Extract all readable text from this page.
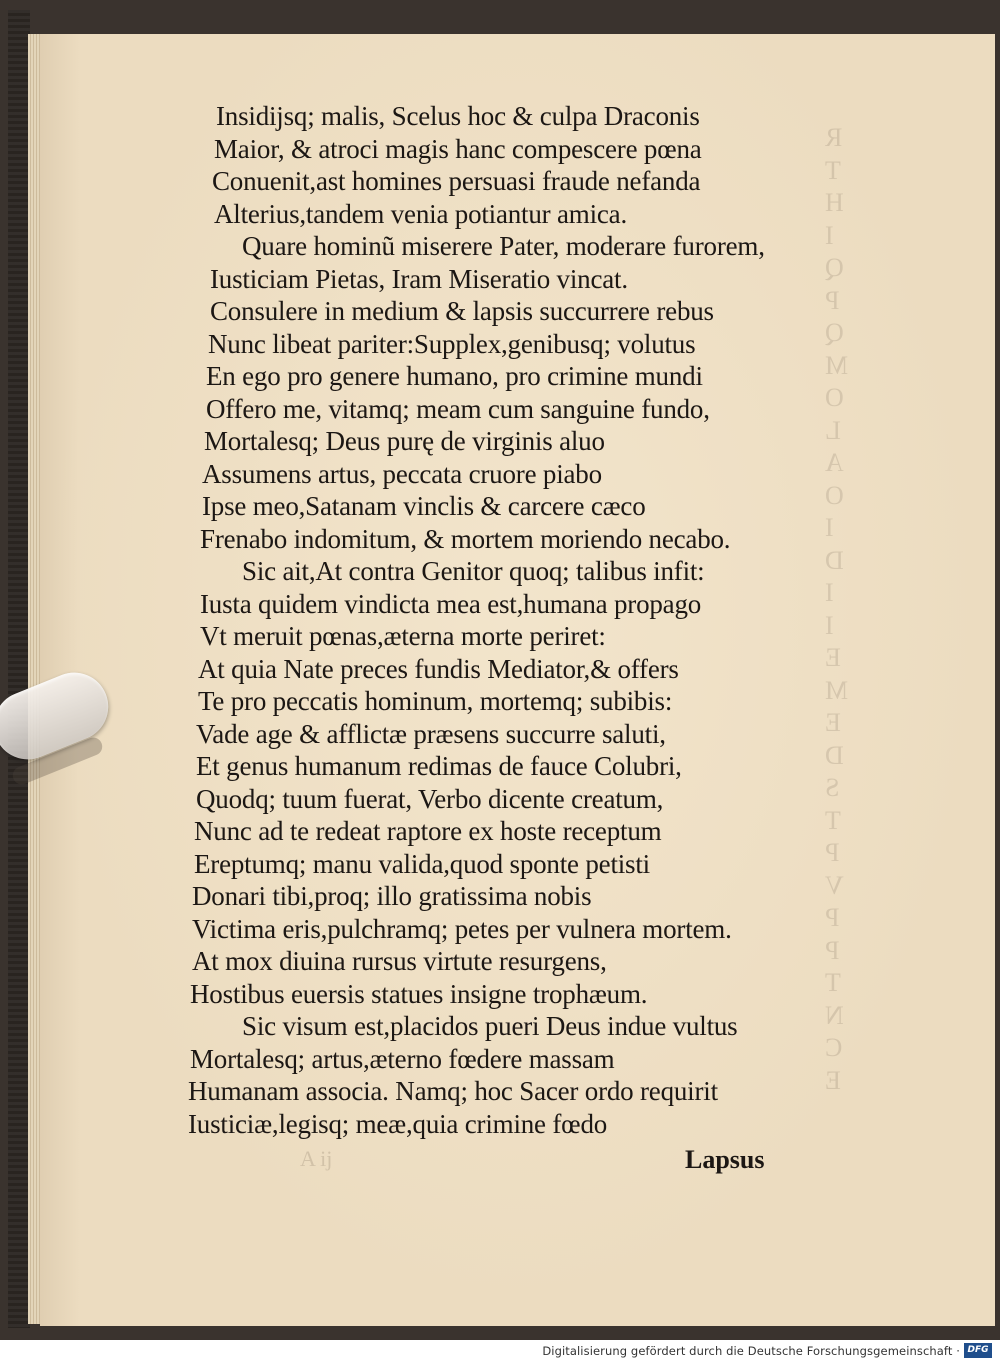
R
T
H
I
Q
P
Q
M
O
L
A
O
I
D
I
I
E
M
E
D
S
T
P
V
P
P
T
N
C
E
Insidijsq; malis, Scelus hoc & culpa Draconis
Maior, & atroci magis hanc compescere pœna
Conuenit,ast homines persuasi fraude nefanda
Alterius,tandem venia potiantur amica.
Quare hominũ miserere Pater, moderare furorem,
Iusticiam Pietas, Iram Miseratio vincat.
Consulere in medium & lapsis succurrere rebus
Nunc libeat pariter:Supplex,genibusq; volutus
En ego pro genere humano, pro crimine mundi
Offero me, vitamq; meam cum sanguine fundo,
Mortalesq; Deus purę de virginis aluo
Assumens artus, peccata cruore piabo
Ipse meo,Satanam vinclis & carcere cæco
Frenabo indomitum, & mortem moriendo necabo.
Sic ait,At contra Genitor quoq; talibus infit:
Iusta quidem vindicta mea est,humana propago
Vt meruit pœnas,æterna morte periret:
At quia Nate preces fundis Mediator,& offers
Te pro peccatis hominum, mortemq; subibis:
Vade age & afflictæ præsens succurre saluti,
Et genus humanum redimas de fauce Colubri,
Quodq; tuum fuerat, Verbo dicente creatum,
Nunc ad te redeat raptore ex hoste receptum
Ereptumq; manu valida,quod sponte petisti
Donari tibi,proq; illo gratissima nobis
Victima eris,pulchramq; petes per vulnera mortem.
At mox diuina rursus virtute resurgens,
Hostibus euersis statues insigne trophæum.
Sic visum est,placidos pueri Deus indue vultus
Mortalesq; artus,æterno fœdere massam
Humanam associa. Namq; hoc Sacer ordo requirit
Iusticiæ,legisq; meæ,quia crimine fœdo
A ij	Lapsus
Digitalisierung gefördert durch die Deutsche Forschungsgemeinschaft · DFG
